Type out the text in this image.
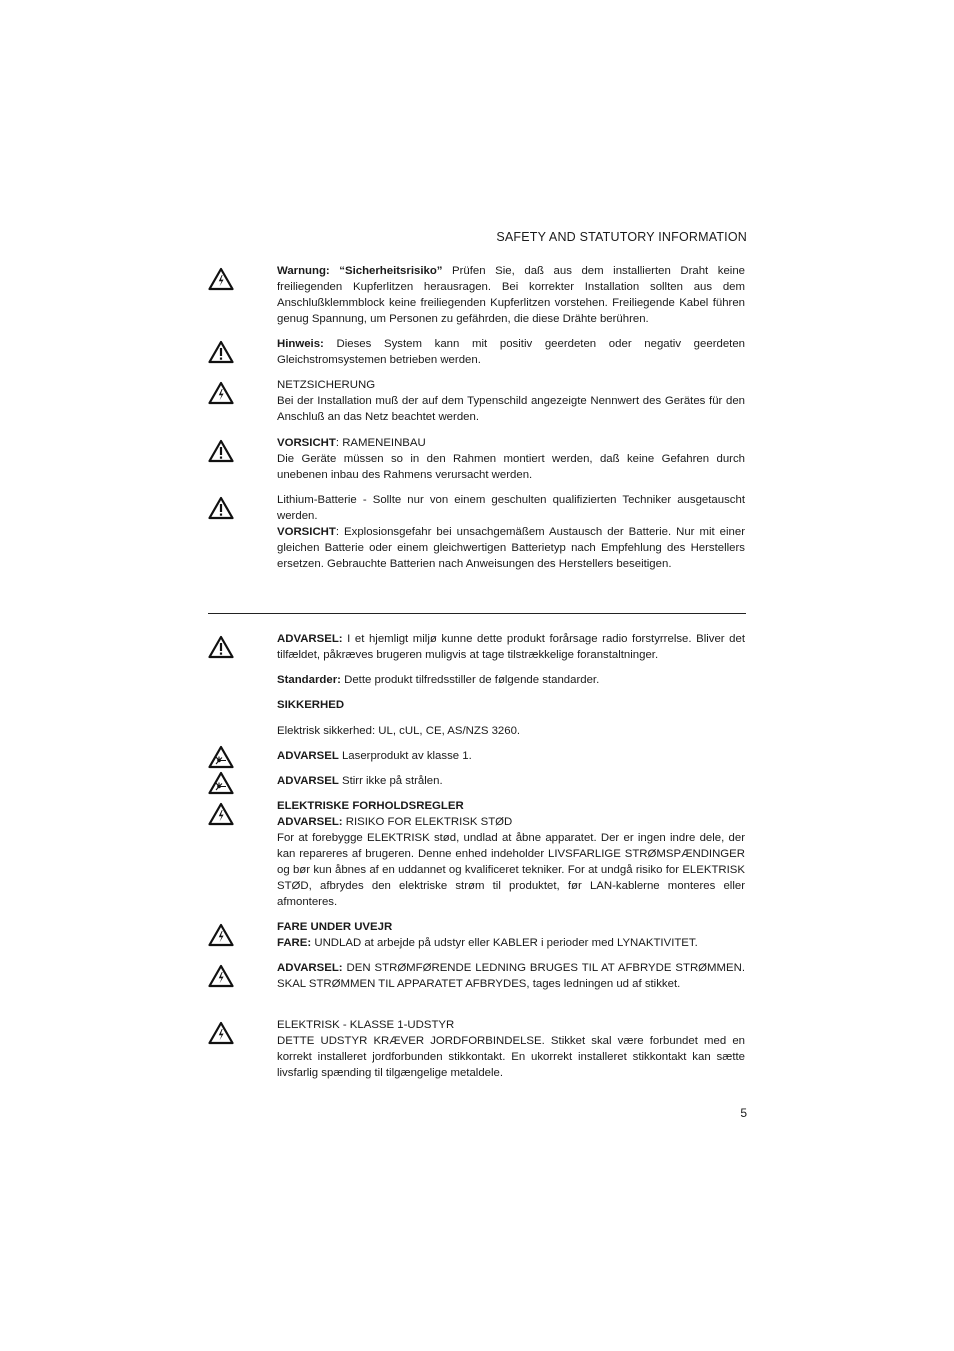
SAFETY AND STATUTORY INFORMATION

Warnung: “Sicherheitsrisiko” Prüfen Sie, daß aus dem installierten Draht keine freiliegenden Kupferlitzen herausragen. Bei korrekter Installation sollten aus dem Anschlußklemmblock keine freiliegenden Kupferlitzen vorstehen. Freiliegende Kabel führen genug Spannung, um Personen zu gefährden, die diese Drähte berühren.

Hinweis: Dieses System kann mit positiv geerdeten oder negativ geerdeten Gleichstromsystemen betrieben werden.

NETZSICHERUNG

Bei der Installation muß der auf dem Typenschild angezeigte Nennwert des Gerätes für den Anschluß an das Netz beachtet werden.

VORSICHT: RAMENEINBAU

Die Geräte müssen so in den Rahmen montiert werden, daß keine Gefahren durch unebenen inbau des Rahmens verursacht werden.

Lithium-Batterie - Sollte nur von einem geschulten qualifizierten Techniker ausgetauscht werden.

VORSICHT: Explosionsgefahr bei unsachgemäßem Austausch der Batterie. Nur mit einer gleichen Batterie oder einem gleichwertigen Batterietyp nach Empfehlung des Herstellers ersetzen. Gebrauchte Batterien nach Anweisungen des Herstellers beseitigen.

ADVARSEL: I et hjemligt miljø kunne dette produkt forårsage radio forstyrrelse. Bliver det tilfældet, påkræves brugeren muligvis at tage tilstrækkelige foranstaltninger.

Standarder: Dette produkt tilfredsstiller de følgende standarder.

SIKKERHED

Elektrisk sikkerhed: UL, cUL, CE, AS/NZS 3260.

ADVARSEL Laserprodukt av klasse 1.

ADVARSEL Stirr ikke på strålen.

ELEKTRISKE FORHOLDSREGLER

ADVARSEL: RISIKO FOR ELEKTRISK STØD

For at forebygge ELEKTRISK stød, undlad at åbne apparatet. Der er ingen indre dele, der kan repareres af brugeren. Denne enhed indeholder LIVSFARLIGE STRØMSPÆNDINGER og bør kun åbnes af en uddannet og kvalificeret tekniker. For at undgå risiko for ELEKTRISK STØD, afbrydes den elektriske strøm til produktet, før LAN-kablerne monteres eller afmonteres.

FARE UNDER UVEJR

FARE: UNDLAD at arbejde på udstyr eller KABLER i perioder med LYNAKTIVITET.

ADVARSEL: DEN STRØMFØRENDE LEDNING BRUGES TIL AT AFBRYDE STRØMMEN. SKAL STRØMMEN TIL APPARATET AFBRYDES, tages ledningen ud af stikket.

ELEKTRISK - KLASSE 1-UDSTYR

DETTE UDSTYR KRÆVER JORDFORBINDELSE. Stikket skal være forbundet med en korrekt installeret jordforbunden stikkontakt. En ukorrekt installeret stikkontakt kan sætte livsfarlig spænding til tilgængelige metaldele.

5
